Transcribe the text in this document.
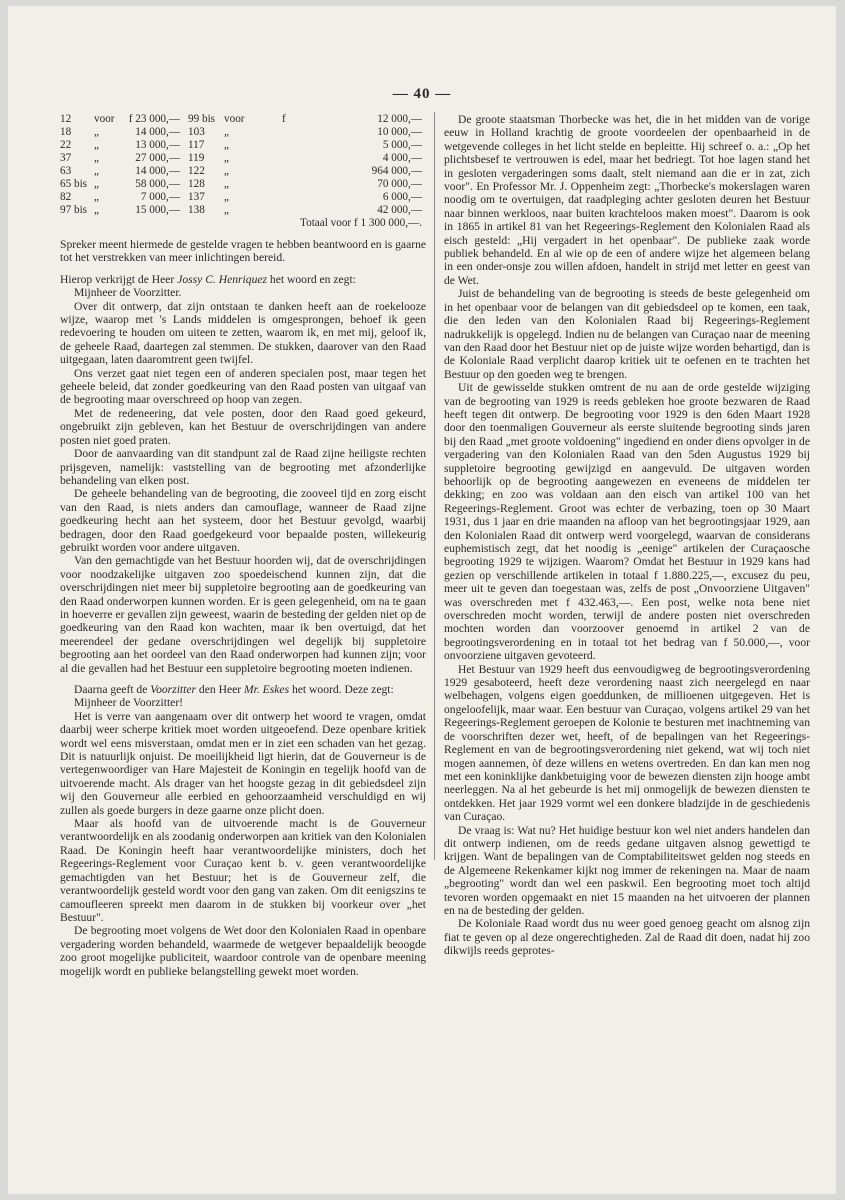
— 40 —
12	voor	f 23 000,—	99 bis	voor	f	12 000,—
18	„	14 000,—	103	„		10 000,—
22	„	13 000,—	117	„		5 000,—
37	„	27 000,—	119	„		4 000,—
63	„	14 000,—	122	„		964 000,—
65 bis	„	58 000,—	128	„		70 000,—
82	„	7 000,—	137	„		6 000,—
97 bis	„	15 000,—	138	„		42 000,—
Totaal voor f 1 300 000,—.						

Spreker meent hiermede de gestelde vragen te hebben beantwoord en is gaarne tot het verstrekken van meer inlichtingen bereid.

Hierop verkrijgt de Heer Jossy C. Henriquez het woord en zegt:

Mijnheer de Voorzitter.

Over dit ontwerp, dat zijn ontstaan te danken heeft aan de roekelooze wijze, waarop met 's Lands middelen is omgesprongen, behoef ik geen redevoering te houden om uiteen te zetten, waarom ik, en met mij, geloof ik, de geheele Raad, daartegen zal stemmen. De stukken, daarover van den Raad uitgegaan, laten daaromtrent geen twijfel.

Ons verzet gaat niet tegen een of anderen specialen post, maar tegen het geheele beleid, dat zonder goedkeuring van den Raad posten van uitgaaf van de begrooting maar overschreed op hoop van zegen.

Met de redeneering, dat vele posten, door den Raad goed gekeurd, ongebruikt zijn gebleven, kan het Bestuur de overschrijdingen van andere posten niet goed praten.

Door de aanvaarding van dit standpunt zal de Raad zijne heiligste rechten prijsgeven, namelijk: vaststelling van de begrooting met afzonderlijke behandeling van elken post.

De geheele behandeling van de begrooting, die zooveel tijd en zorg eischt van den Raad, is niets anders dan camouflage, wanneer de Raad zijne goedkeuring hecht aan het systeem, door het Bestuur gevolgd, waarbij bedragen, door den Raad goedgekeurd voor bepaalde posten, willekeurig gebruikt worden voor andere uitgaven.

Van den gemachtigde van het Bestuur hoorden wij, dat de overschrijdingen voor noodzakelijke uitgaven zoo spoedeischend kunnen zijn, dat die overschrijdingen niet meer bij suppletoire begrooting aan de goedkeuring van den Raad onderworpen kunnen worden. Er is geen gelegenheid, om na te gaan in hoeverre er gevallen zijn geweest, waarin de besteding der gelden niet op de goedkeuring van den Raad kon wachten, maar ik ben overtuigd, dat het meerendeel der gedane overschrijdingen wel degelijk bij suppletoire begrooting aan het oordeel van den Raad onderworpen had kunnen zijn; voor al die gevallen had het Bestuur een suppletoire begrooting moeten indienen.

Daarna geeft de Voorzitter den Heer Mr. Eskes het woord. Deze zegt:

Mijnheer de Voorzitter!

Het is verre van aangenaam over dit ontwerp het woord te vragen, omdat daarbij weer scherpe kritiek moet worden uitgeoefend. Deze openbare kritiek wordt wel eens misverstaan, omdat men er in ziet een schaden van het gezag. Dit is natuurlijk onjuist. De moeilijkheid ligt hierin, dat de Gouverneur is de vertegenwoordiger van Hare Majesteit de Koningin en tegelijk hoofd van de uitvoerende macht. Als drager van het hoogste gezag in dit gebiedsdeel zijn wij den Gouverneur alle eerbied en gehoorzaamheid verschuldigd en wij zullen als goede burgers in deze gaarne onze plicht doen.

Maar als hoofd van de uitvoerende macht is de Gouverneur verantwoordelijk en als zoodanig onderworpen aan kritiek van den Kolonialen Raad. De Koningin heeft haar verantwoordelijke ministers, doch het Regeerings-Reglement voor Curaçao kent b. v. geen verantwoordelijke gemachtigden van het Bestuur; het is de Gouverneur zelf, die verantwoordelijk gesteld wordt voor den gang van zaken. Om dit eenigszins te camoufleeren spreekt men daarom in de stukken bij voorkeur over „het Bestuur".

De begrooting moet volgens de Wet door den Kolonialen Raad in openbare vergadering worden behandeld, waarmede de wetgever bepaaldelijk beoogde zoo groot mogelijke publiciteit, waardoor controle van de openbare meening mogelijk wordt en publieke belangstelling gewekt moet worden.

De groote staatsman Thorbecke was het, die in het midden van de vorige eeuw in Holland krachtig de groote voordeelen der openbaarheid in de wetgevende colleges in het licht stelde en bepleitte. Hij schreef o. a.: „Op het plichtsbesef te vertrouwen is edel, maar het bedriegt. Tot hoe lagen stand het in gesloten vergaderingen soms daalt, stelt niemand aan die er in zat, zich voor". En Professor Mr. J. Oppenheim zegt: „Thorbecke's mokerslagen waren noodig om te overtuigen, dat raadpleging achter gesloten deuren het Bestuur naar binnen werkloos, naar buiten krachteloos maken moest". Daarom is ook in 1865 in artikel 81 van het Regeerings-Reglement den Kolonialen Raad als eisch gesteld: „Hij vergadert in het openbaar". De publieke zaak worde publiek behandeld. En al wie op de een of andere wijze het algemeen belang in een onder-onsje zou willen afdoen, handelt in strijd met letter en geest van de Wet.

Juist de behandeling van de begrooting is steeds de beste gelegenheid om in het openbaar voor de belangen van dit gebiedsdeel op te komen, een taak, die den leden van den Kolonialen Raad bij Regeerings-Reglement nadrukkelijk is opgelegd. Indien nu de belangen van Curaçao naar de meening van den Raad door het Bestuur niet op de juiste wijze worden behartigd, dan is de Koloniale Raad verplicht daarop kritiek uit te oefenen en te trachten het Bestuur op den goeden weg te brengen.

Uit de gewisselde stukken omtrent de nu aan de orde gestelde wijziging van de begrooting van 1929 is reeds gebleken hoe groote bezwaren de Raad heeft tegen dit ontwerp. De begrooting voor 1929 is den 6den Maart 1928 door den toenmaligen Gouverneur als eerste sluitende begrooting sinds jaren bij den Raad „met groote voldoening" ingediend en onder diens opvolger in de vergadering van den Kolonialen Raad van den 5den Augustus 1929 bij suppletoire begrooting gewijzigd en aangevuld. De uitgaven worden behoorlijk op de begrooting aangewezen en eveneens de middelen ter dekking; en zoo was voldaan aan den eisch van artikel 100 van het Regeerings-Reglement. Groot was echter de verbazing, toen op 30 Maart 1931, dus 1 jaar en drie maanden na afloop van het begrootingsjaar 1929, aan den Kolonialen Raad dit ontwerp werd voorgelegd, waarvan de considerans euphemistisch zegt, dat het noodig is „eenige" artikelen der Curaçaosche begrooting 1929 te wijzigen. Waarom? Omdat het Bestuur in 1929 kans had gezien op verschillende artikelen in totaal f 1.880.225,—, excusez du peu, meer uit te geven dan toegestaan was, zelfs de post „Onvoorziene Uitgaven" was overschreden met f 432.463,—. Een post, welke nota bene niet overschreden mocht worden, terwijl de andere posten niet overschreden mochten worden dan voorzoover genoemd in artikel 2 van de begrootingsverordening en in totaal tot het bedrag van f 50.000,—, voor onvoorziene uitgaven gevoteerd.

Het Bestuur van 1929 heeft dus eenvoudigweg de begrootingsverordening 1929 gesaboteerd, heeft deze verordening naast zich neergelegd en naar welbehagen, volgens eigen goeddunken, de millioenen uitgegeven. Het is ongeloofelijk, maar waar. Een bestuur van Curaçao, volgens artikel 29 van het Regeerings-Reglement geroepen de Kolonie te besturen met inachtneming van de voorschriften dezer wet, heeft, of de bepalingen van het Regeerings-Reglement en van de begrootingsverordening niet gekend, wat wij toch niet mogen aannemen, òf deze willens en wetens overtreden. En dan kan men nog met een koninklijke dankbetuiging voor de bewezen diensten zijn hooge ambt neerleggen. Na al het gebeurde is het mij onmogelijk de bewezen diensten te ontdekken. Het jaar 1929 vormt wel een donkere bladzijde in de geschiedenis van Curaçao.

De vraag is: Wat nu? Het huidige bestuur kon wel niet anders handelen dan dit ontwerp indienen, om de reeds gedane uitgaven alsnog gewettigd te krijgen. Want de bepalingen van de Comptabiliteitswet gelden nog steeds en de Algemeene Rekenkamer kijkt nog immer de rekeningen na. Maar de naam „begrooting" wordt dan wel een paskwil. Een begrooting moet toch altijd tevoren worden opgemaakt en niet 15 maanden na het uitvoeren der plannen en na de besteding der gelden.

De Koloniale Raad wordt dus nu weer goed genoeg geacht om alsnog zijn fiat te geven op al deze ongerechtigheden. Zal de Raad dit doen, nadat hij zoo dikwijls reeds geprotes-
